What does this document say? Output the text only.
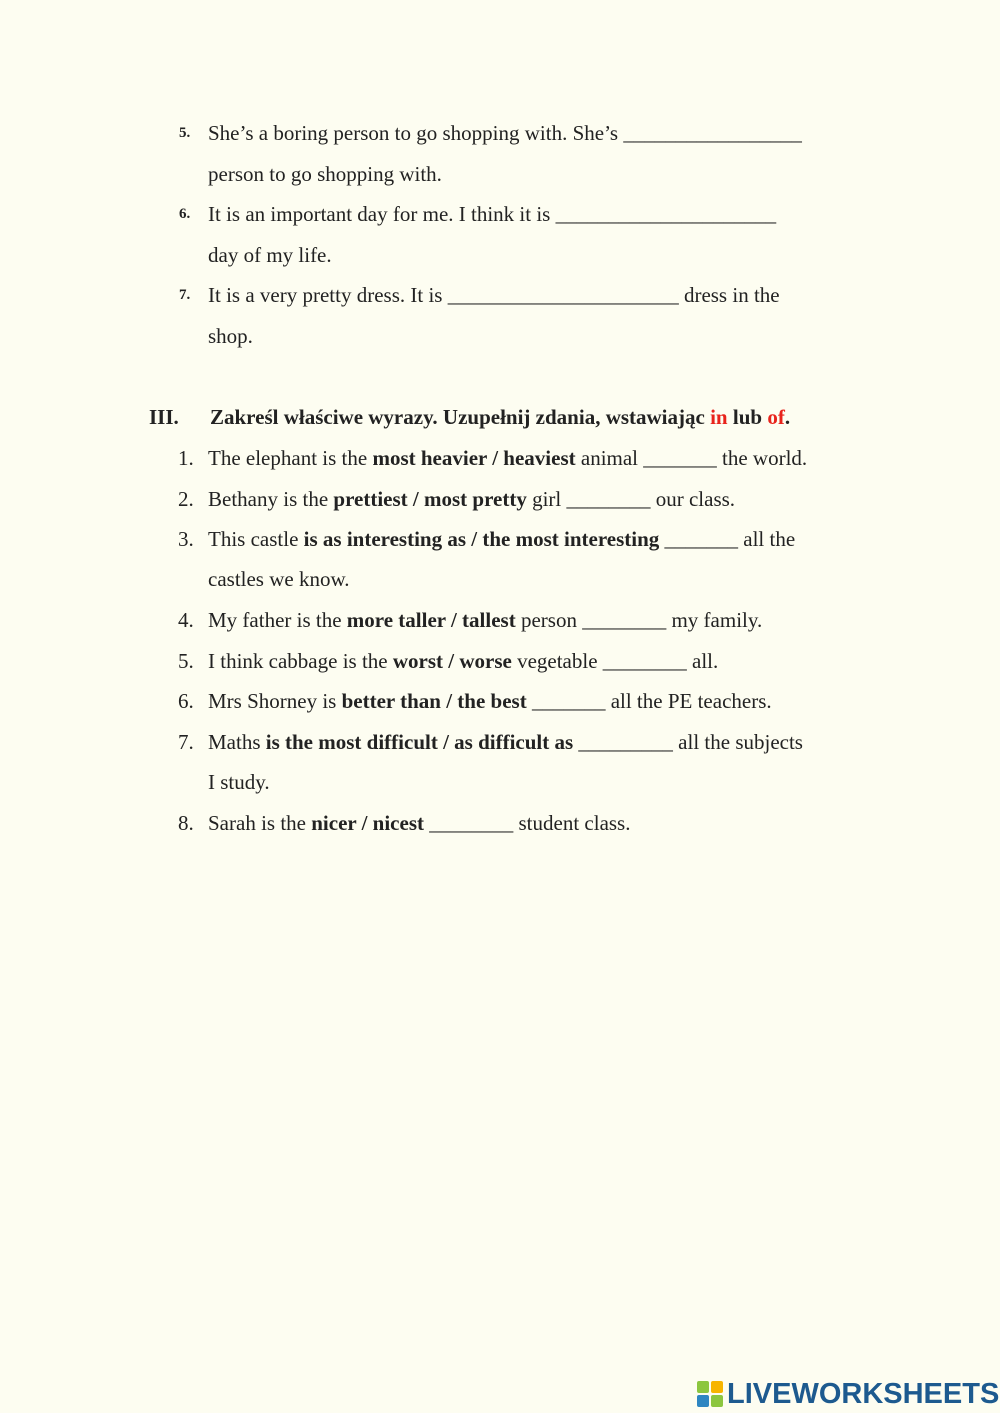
5. She’s a boring person to go shopping with. She’s _________________
person to go shopping with.
6. It is an important day for me. I think it is _____________________
day of my life.
7. It is a very pretty dress. It is ______________________ dress in the
shop.
III. Zakreśl właściwe wyrazy. Uzupełnij zdania, wstawiając in lub of.
1. The elephant is the most heavier / heaviest animal _______ the world.
2. Bethany is the prettiest / most pretty girl ________ our class.
3. This castle is as interesting as / the most interesting _______ all the
castles we know.
4. My father is the more taller / tallest person ________ my family.
5. I think cabbage is the worst / worse vegetable ________ all.
6. Mrs Shorney is better than / the best _______ all the PE teachers.
7. Maths is the most difficult / as difficult as _________ all the subjects
I study.
8. Sarah is the nicer / nicest ________ student class.
LIVEWORKSHEETS
